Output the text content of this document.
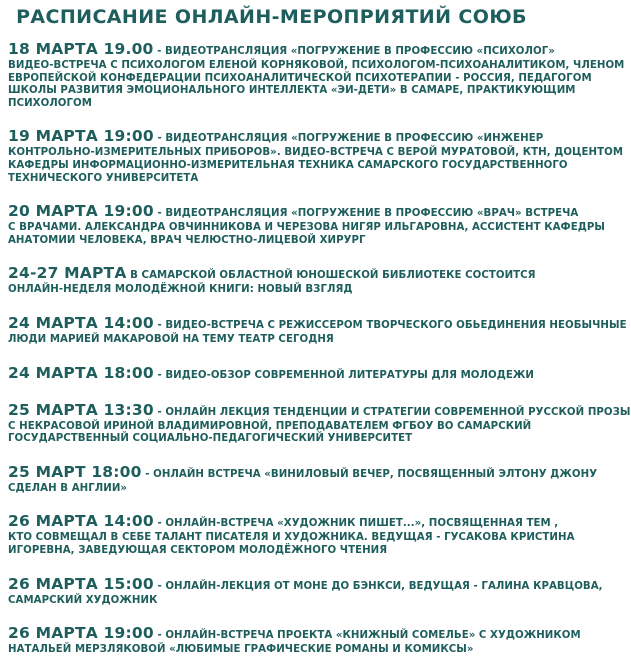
РАСПИСАНИЕ ОНЛАЙН-МЕРОПРИЯТИЙ СОЮБ
18 МАРТА 19.00 - ВИДЕОТРАНСЛЯЦИЯ «ПОГРУЖЕНИЕ В ПРОФЕССИЮ «ПСИХОЛОГ»
ВИДЕО-ВСТРЕЧА С ПСИХОЛОГОМ ЕЛЕНОЙ КОРНЯКОВОЙ, ПСИХОЛОГОМ-ПСИХОАНАЛИТИКОМ, ЧЛЕНОМ
ЕВРОПЕЙСКОЙ КОНФЕДЕРАЦИИ ПСИХОАНАЛИТИЧЕСКОЙ ПСИХОТЕРАПИИ - РОССИЯ, ПЕДАГОГОМ
ШКОЛЫ РАЗВИТИЯ ЭМОЦИОНАЛЬНОГО ИНТЕЛЛЕКТА «ЭИ-ДЕТИ» В САМАРЕ, ПРАКТИКУЮЩИМ
ПСИХОЛОГОМ
19 МАРТА 19:00 - ВИДЕОТРАНСЛЯЦИЯ «ПОГРУЖЕНИЕ В ПРОФЕССИЮ «ИНЖЕНЕР
КОНТРОЛЬНО-ИЗМЕРИТЕЛЬНЫХ ПРИБОРОВ». ВИДЕО-ВСТРЕЧА С ВЕРОЙ МУРАТОВОЙ, КТН, ДОЦЕНТОМ
КАФЕДРЫ ИНФОРМАЦИОННО-ИЗМЕРИТЕЛЬНАЯ ТЕХНИКА САМАРСКОГО ГОСУДАРСТВЕННОГО
ТЕХНИЧЕСКОГО УНИВЕРСИТЕТА
20 МАРТА 19:00 - ВИДЕОТРАНСЛЯЦИЯ «ПОГРУЖЕНИЕ В ПРОФЕССИЮ «ВРАЧ» ВСТРЕЧА
С ВРАЧАМИ. АЛЕКСАНДРА ОВЧИННИКОВА И ЧЕРЕЗОВА НИГЯР ИЛЬГАРОВНА, АССИСТЕНТ КАФЕДРЫ
АНАТОМИИ ЧЕЛОВЕКА, ВРАЧ ЧЕЛЮСТНО-ЛИЦЕВОЙ ХИРУРГ
24-27 МАРТА В САМАРСКОЙ ОБЛАСТНОЙ ЮНОШЕСКОЙ БИБЛИОТЕКЕ СОСТОИТСЯ
ОНЛАЙН-НЕДЕЛЯ МОЛОДЁЖНОЙ КНИГИ: НОВЫЙ ВЗГЛЯД
24 МАРТА 14:00 - ВИДЕО-ВСТРЕЧА С РЕЖИССЕРОМ ТВОРЧЕСКОГО ОБЬЕДИНЕНИЯ НЕОБЫЧНЫЕ
ЛЮДИ МАРИЕЙ МАКАРОВОЙ НА ТЕМУ ТЕАТР СЕГОДНЯ
24 МАРТА 18:00 - ВИДЕО-ОБЗОР СОВРЕМЕННОЙ ЛИТЕРАТУРЫ ДЛЯ МОЛОДЕЖИ
25 МАРТА 13:30 - ОНЛАЙН ЛЕКЦИЯ ТЕНДЕНЦИИ И СТРАТЕГИИ СОВРЕМЕННОЙ РУССКОЙ ПРОЗЫ
С НЕКРАСОВОЙ ИРИНОЙ ВЛАДИМИРОВНОЙ, ПРЕПОДАВАТЕЛЕМ ФГБОУ ВО САМАРСКИЙ
ГОСУДАРСТВЕННЫЙ СОЦИАЛЬНО-ПЕДАГОГИЧЕСКИЙ УНИВЕРСИТЕТ
25 МАРТ 18:00 - ОНЛАЙН ВСТРЕЧА «ВИНИЛОВЫЙ ВЕЧЕР, ПОСВЯЩЕННЫЙ ЭЛТОНУ ДЖОНУ
СДЕЛАН В АНГЛИИ»
26 МАРТА 14:00 - ОНЛАЙН-ВСТРЕЧА «ХУДОЖНИК ПИШЕТ...», ПОСВЯЩЕННАЯ ТЕМ ,
КТО СОВМЕЩАЛ В СЕБЕ ТАЛАНТ ПИСАТЕЛЯ И ХУДОЖНИКА. ВЕДУЩАЯ - ГУСАКОВА КРИСТИНА
ИГОРЕВНА, ЗАВЕДУЮЩАЯ СЕКТОРОМ МОЛОДЁЖНОГО ЧТЕНИЯ
26 МАРТА 15:00 - ОНЛАЙН-ЛЕКЦИЯ ОТ МОНЕ ДО БЭНКСИ, ВЕДУЩАЯ - ГАЛИНА КРАВЦОВА,
САМАРСКИЙ ХУДОЖНИК
26 МАРТА 19:00 - ОНЛАЙН-ВСТРЕЧА ПРОЕКТА «КНИЖНЫЙ СОМЕЛЬЕ» С ХУДОЖНИКОМ
НАТАЛЬЕЙ МЕРЗЛЯКОВОЙ «ЛЮБИМЫЕ ГРАФИЧЕСКИЕ РОМАНЫ И КОМИКСЫ»
